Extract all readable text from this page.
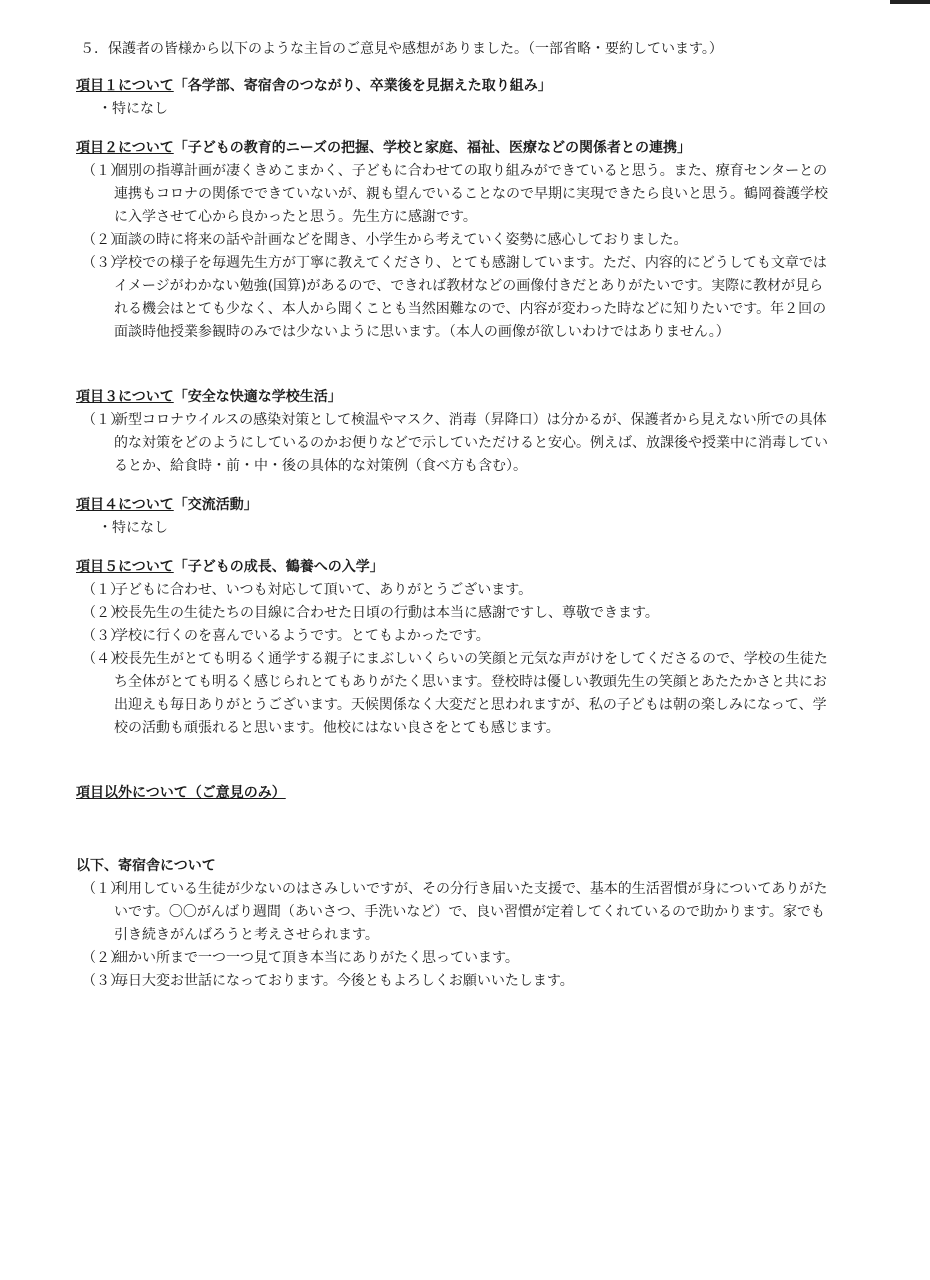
５．保護者の皆様から以下のような主旨のご意見や感想がありました。（一部省略・要約しています。）
項目１について「各学部、寄宿舎のつながり、卒業後を見据えた取り組み」
・特になし
項目２について「子どもの教育的ニーズの把握、学校と家庭、福祉、医療などの関係者との連携」
（１）
個別の指導計画が凄くきめこまかく、子どもに合わせての取り組みができていると思う。また、療育センターとの連携もコロナの関係でできていないが、親も望んでいることなので早期に実現できたら良いと思う。鶴岡養護学校に入学させて心から良かったと思う。先生方に感謝です。
（２）
面談の時に将来の話や計画などを聞き、小学生から考えていく姿勢に感心しておりました。
（３）
学校での様子を毎週先生方が丁寧に教えてくださり、とても感謝しています。ただ、内容的にどうしても文章ではイメージがわかない勉強(国算)があるので、できれば教材などの画像付きだとありがたいです。実際に教材が見られる機会はとても少なく、本人から聞くことも当然困難なので、内容が変わった時などに知りたいです。年２回の面談時他授業参観時のみでは少ないように思います。（本人の画像が欲しいわけではありません。）
項目３について「安全な快適な学校生活」
（１）
新型コロナウイルスの感染対策として検温やマスク、消毒（昇降口）は分かるが、保護者から見えない所での具体的な対策をどのようにしているのかお便りなどで示していただけると安心。例えば、放課後や授業中に消毒しているとか、給食時・前・中・後の具体的な対策例（食べ方も含む）。
項目４について「交流活動」
・特になし
項目５について「子どもの成長、鶴養への入学」
（１）
子どもに合わせ、いつも対応して頂いて、ありがとうございます。
（２）
校長先生の生徒たちの目線に合わせた日頃の行動は本当に感謝ですし、尊敬できます。
（３）
学校に行くのを喜んでいるようです。とてもよかったです。
（４）
校長先生がとても明るく通学する親子にまぶしいくらいの笑顔と元気な声がけをしてくださるので、学校の生徒たち全体がとても明るく感じられとてもありがたく思います。登校時は優しい教頭先生の笑顔とあたたかさと共にお出迎えも毎日ありがとうございます。天候関係なく大変だと思われますが、私の子どもは朝の楽しみになって、学校の活動も頑張れると思います。他校にはない良さをとても感じます。
項目以外について（ご意見のみ）
以下、寄宿舎について
（１）
利用している生徒が少ないのはさみしいですが、その分行き届いた支援で、基本的生活習慣が身についてありがたいです。〇〇がんばり週間（あいさつ、手洗いなど）で、良い習慣が定着してくれているので助かります。家でも引き続きがんばろうと考えさせられます。
（２）
細かい所まで一つ一つ見て頂き本当にありがたく思っています。
（３）
毎日大変お世話になっております。今後ともよろしくお願いいたします。
